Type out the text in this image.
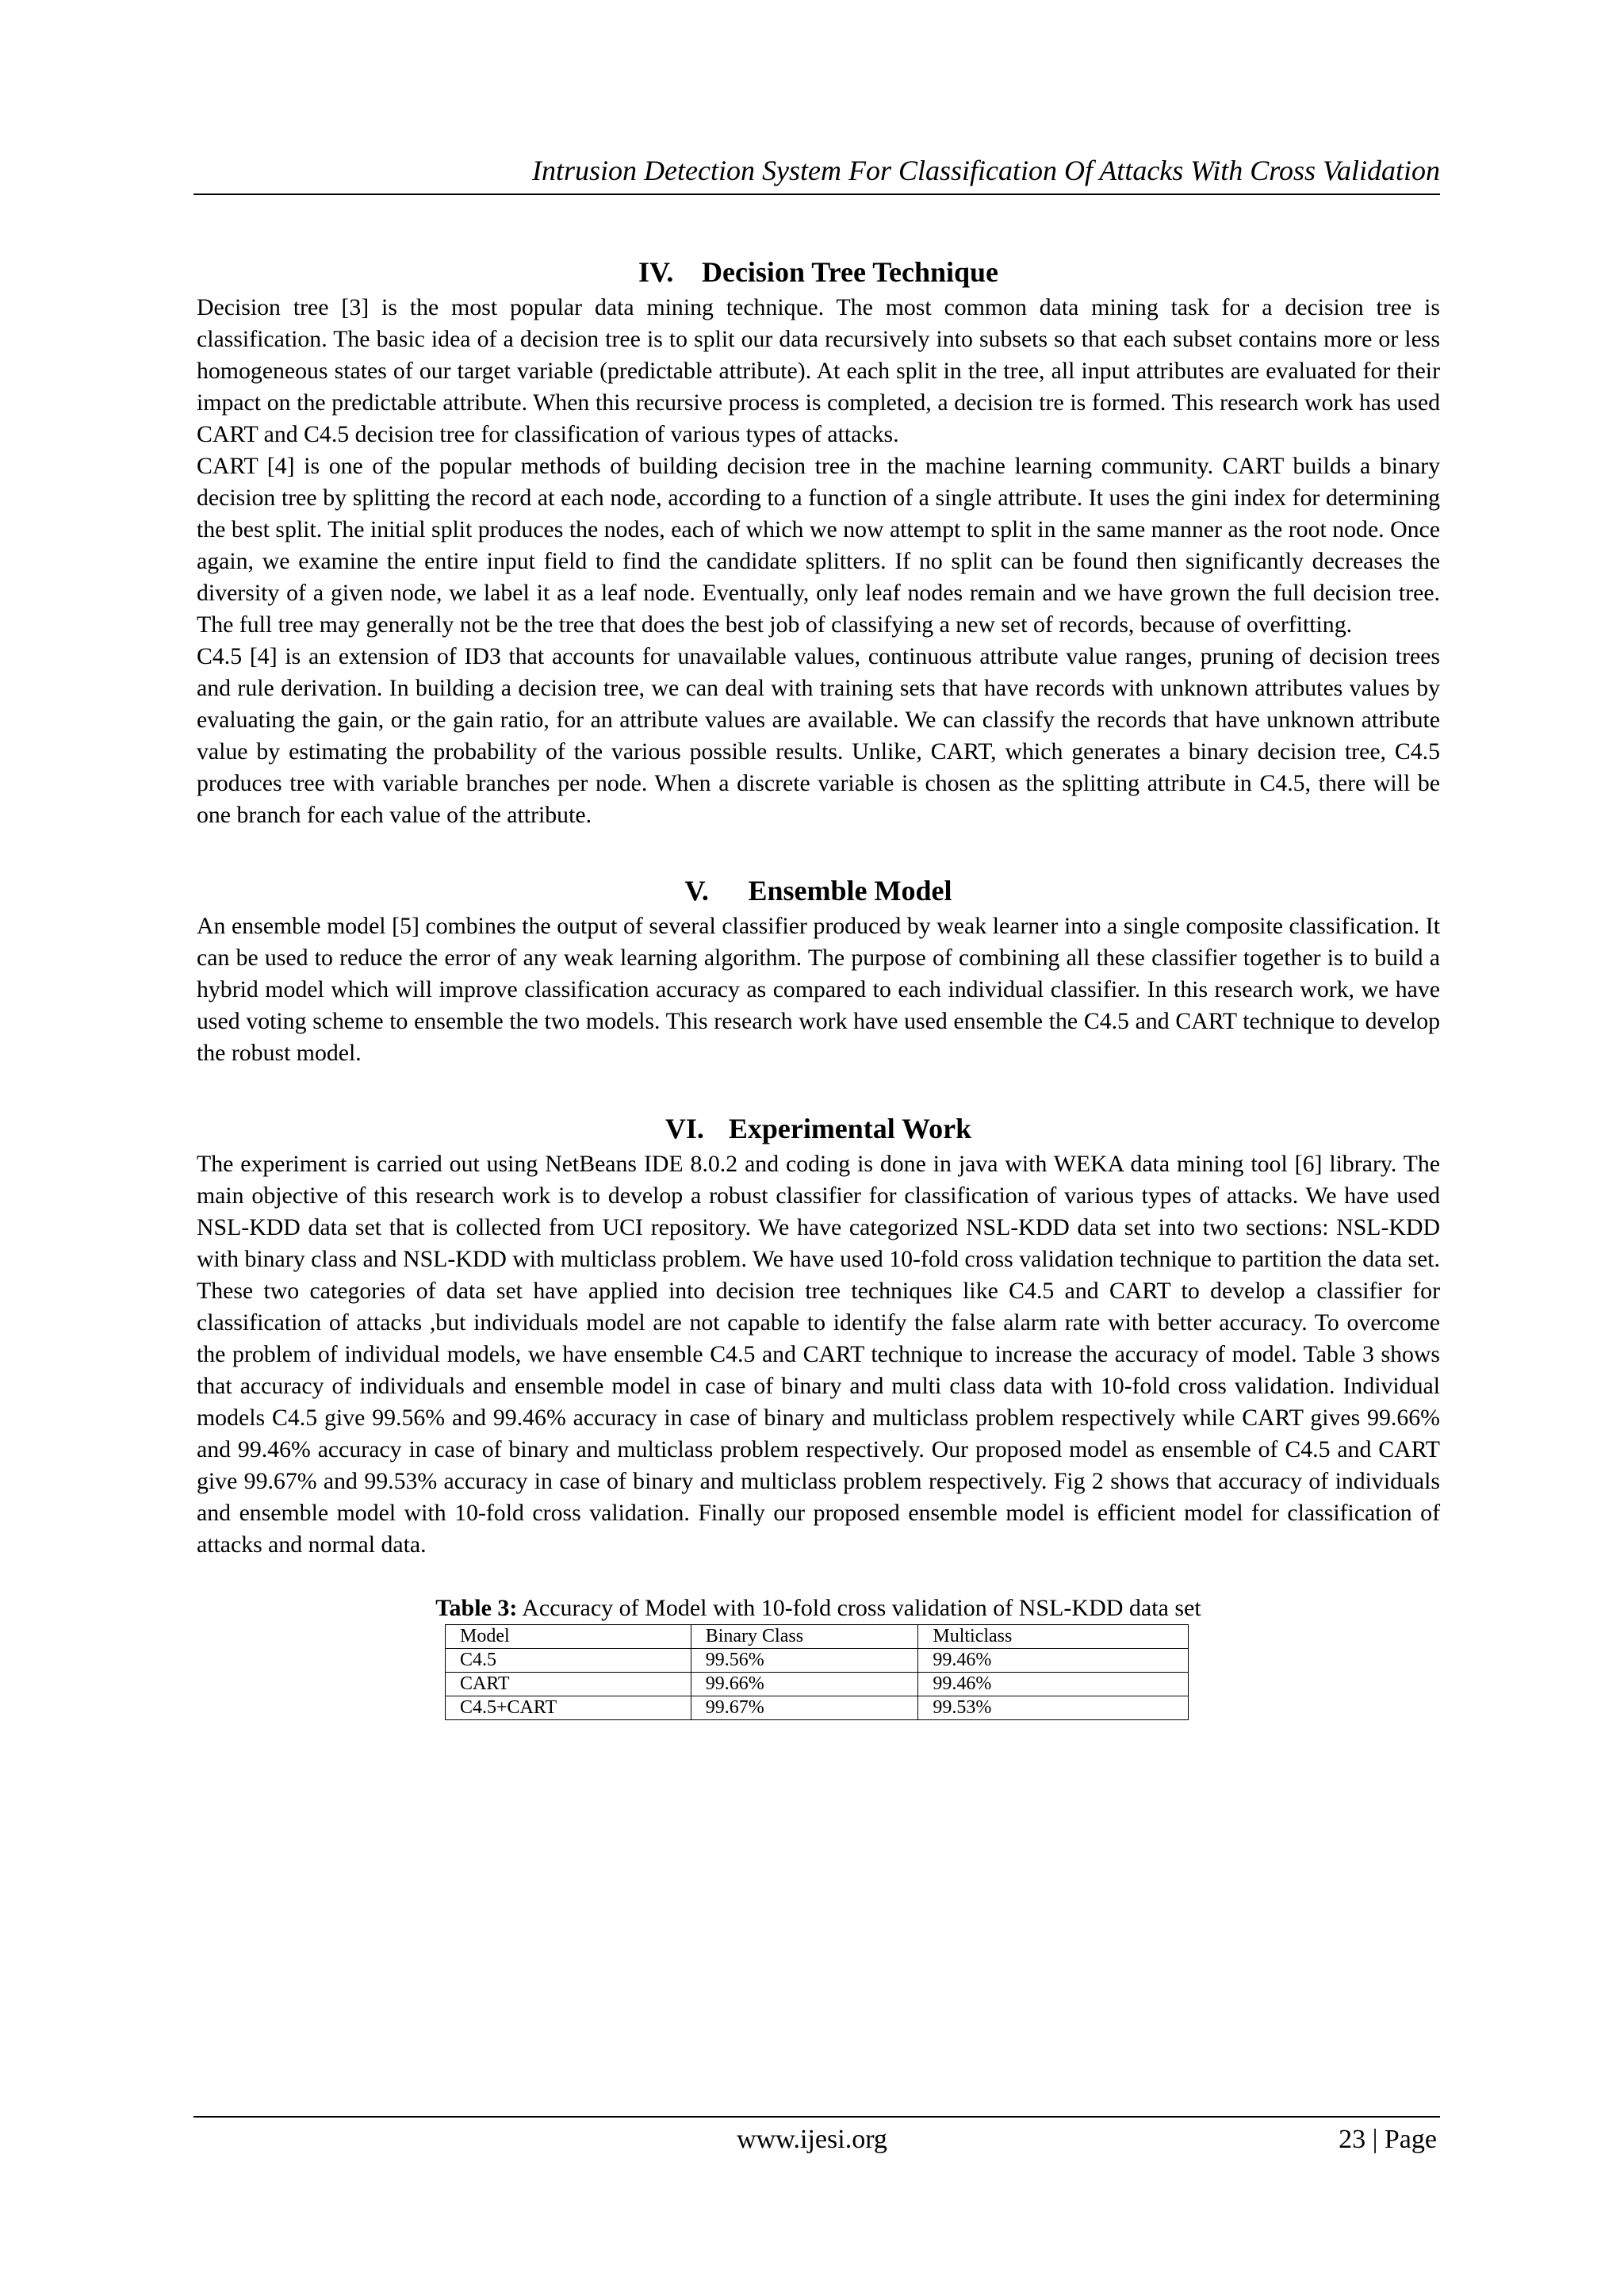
Intrusion Detection System For Classification Of Attacks With Cross Validation
IV. Decision Tree Technique

Decision tree [3] is the most popular data mining technique. The most common data mining task for a decision tree is classification. The basic idea of a decision tree is to split our data recursively into subsets so that each subset contains more or less homogeneous states of our target variable (predictable attribute). At each split in the tree, all input attributes are evaluated for their impact on the predictable attribute. When this recursive process is completed, a decision tre is formed. This research work has used CART and C4.5 decision tree for classification of various types of attacks.

CART [4] is one of the popular methods of building decision tree in the machine learning community. CART builds a binary decision tree by splitting the record at each node, according to a function of a single attribute. It uses the gini index for determining the best split. The initial split produces the nodes, each of which we now attempt to split in the same manner as the root node. Once again, we examine the entire input field to find the candidate splitters. If no split can be found then significantly decreases the diversity of a given node, we label it as a leaf node. Eventually, only leaf nodes remain and we have grown the full decision tree. The full tree may generally not be the tree that does the best job of classifying a new set of records, because of overfitting.

C4.5 [4] is an extension of ID3 that accounts for unavailable values, continuous attribute value ranges, pruning of decision trees and rule derivation. In building a decision tree, we can deal with training sets that have records with unknown attributes values by evaluating the gain, or the gain ratio, for an attribute values are available. We can classify the records that have unknown attribute value by estimating the probability of the various possible results. Unlike, CART, which generates a binary decision tree, C4.5 produces tree with variable branches per node. When a discrete variable is chosen as the splitting attribute in C4.5, there will be one branch for each value of the attribute.

V. Ensemble Model

An ensemble model [5] combines the output of several classifier produced by weak learner into a single composite classification. It can be used to reduce the error of any weak learning algorithm. The purpose of combining all these classifier together is to build a hybrid model which will improve classification accuracy as compared to each individual classifier. In this research work, we have used voting scheme to ensemble the two models. This research work have used ensemble the C4.5 and CART technique to develop the robust model.

VI. Experimental Work

The experiment is carried out using NetBeans IDE 8.0.2 and coding is done in java with WEKA data mining tool [6] library. The main objective of this research work is to develop a robust classifier for classification of various types of attacks. We have used NSL-KDD data set that is collected from UCI repository. We have categorized NSL-KDD data set into two sections: NSL-KDD with binary class and NSL-KDD with multiclass problem. We have used 10-fold cross validation technique to partition the data set. These two categories of data set have applied into decision tree techniques like C4.5 and CART to develop a classifier for classification of attacks ,but individuals model are not capable to identify the false alarm rate with better accuracy. To overcome the problem of individual models, we have ensemble C4.5 and CART technique to increase the accuracy of model. Table 3 shows that accuracy of individuals and ensemble model in case of binary and multi class data with 10-fold cross validation. Individual models C4.5 give 99.56% and 99.46% accuracy in case of binary and multiclass problem respectively while CART gives 99.66% and 99.46% accuracy in case of binary and multiclass problem respectively. Our proposed model as ensemble of C4.5 and CART give 99.67% and 99.53% accuracy in case of binary and multiclass problem respectively. Fig 2 shows that accuracy of individuals and ensemble model with 10-fold cross validation. Finally our proposed ensemble model is efficient model for classification of attacks and normal data.

Table 3: Accuracy of Model with 10-fold cross validation of NSL-KDD data set
Model	Binary Class	Multiclass
C4.5	99.56%	99.46%
CART	99.66%	99.46%
C4.5+CART	99.67%	99.53%
www.ijesi.org	23 | Page
